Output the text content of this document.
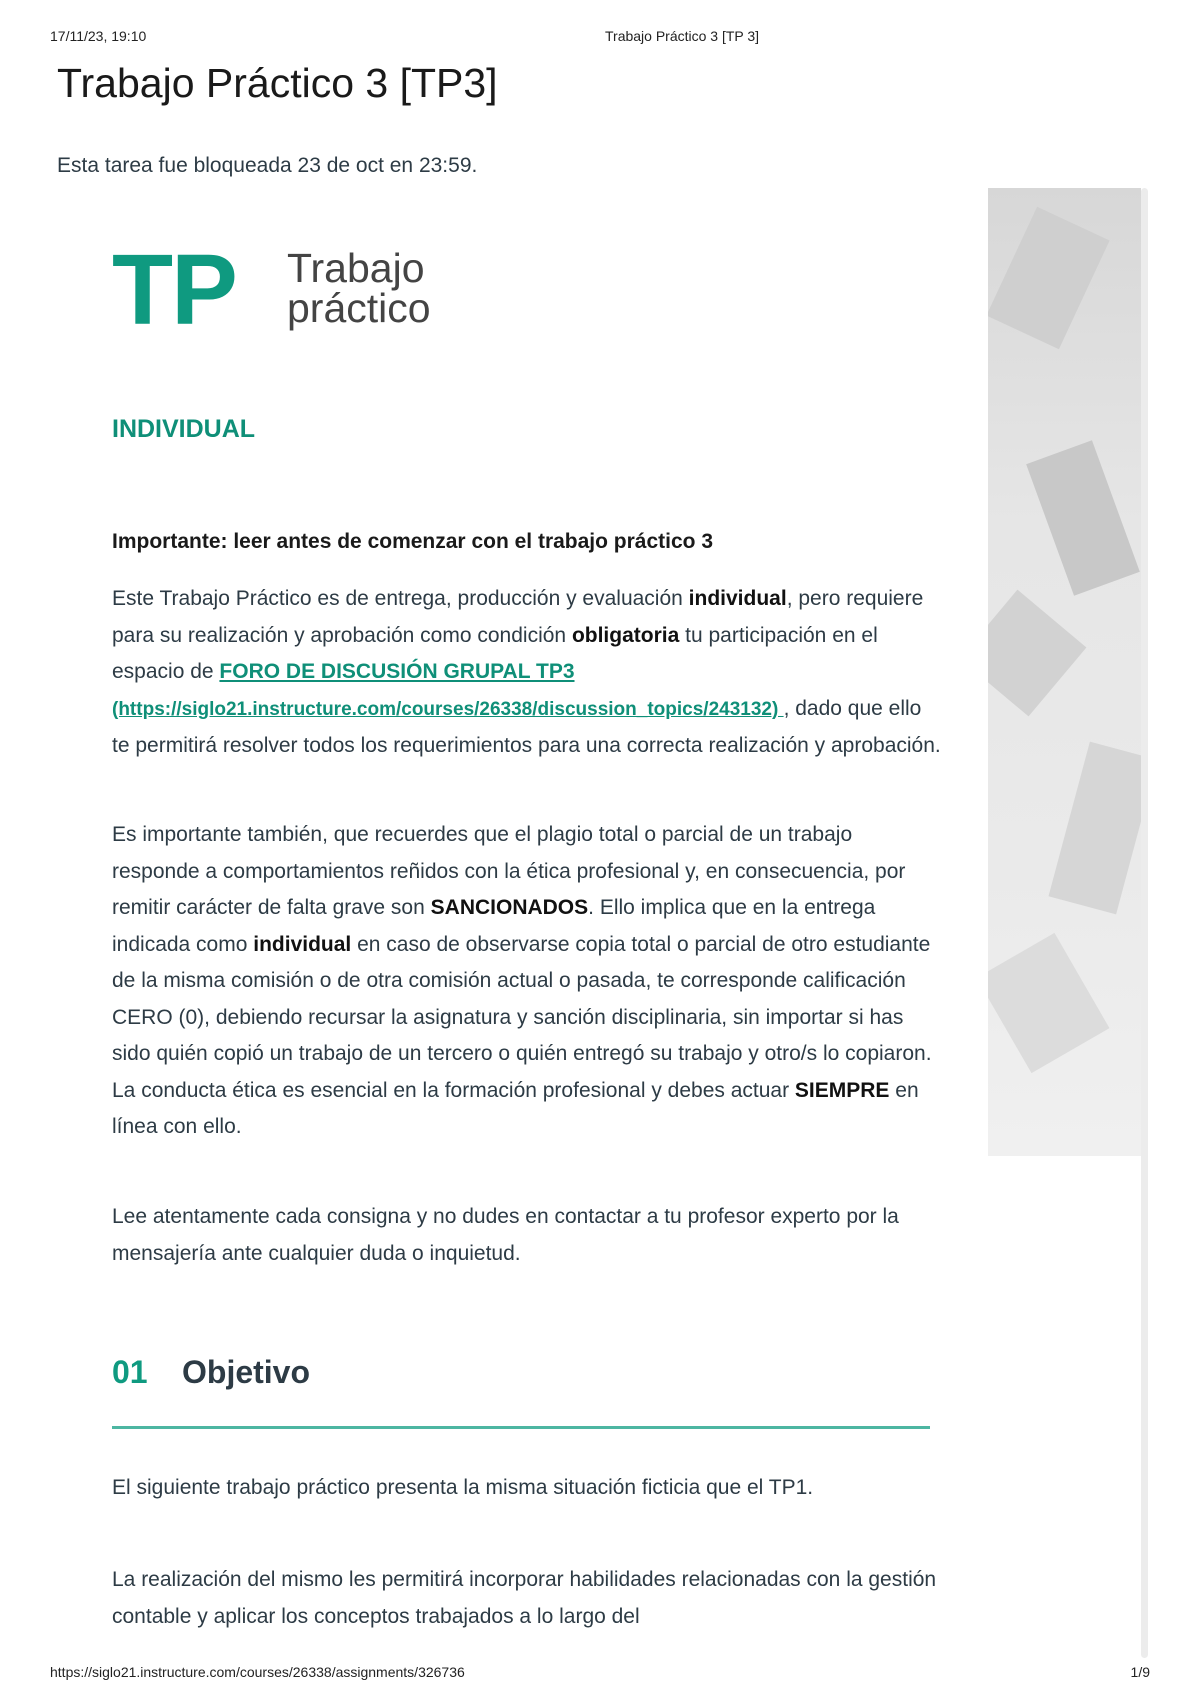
17/11/23, 19:10	Trabajo Práctico 3 [TP 3]
Trabajo Práctico 3 [TP3]

Esta tarea fue bloqueada 23 de oct en 23:59.

TP Trabajo
práctico

INDIVIDUAL

Importante: leer antes de comenzar con el trabajo práctico 3

Este Trabajo Práctico es de entrega, producción y evaluación individual, pero requiere para su realización y aprobación como condición obligatoria tu participación en el espacio de FORO DE DISCUSIÓN GRUPAL TP3 (https://siglo21.instructure.com/courses/26338/discussion_topics/243132) , dado que ello te permitirá resolver todos los requerimientos para una correcta realización y aprobación.

Es importante también, que recuerdes que el plagio total o parcial de un trabajo responde a comportamientos reñidos con la ética profesional y, en consecuencia, por remitir carácter de falta grave son SANCIONADOS. Ello implica que en la entrega indicada como individual en caso de observarse copia total o parcial de otro estudiante de la misma comisión o de otra comisión actual o pasada, te corresponde calificación CERO (0), debiendo recursar la asignatura y sanción disciplinaria, sin importar si has sido quién copió un trabajo de un tercero o quién entregó su trabajo y otro/s lo copiaron. La conducta ética es esencial en la formación profesional y debes actuar SIEMPRE en línea con ello.

Lee atentamente cada consigna y no dudes en contactar a tu profesor experto por la mensajería ante cualquier duda o inquietud.

01 Objetivo

El siguiente trabajo práctico presenta la misma situación ficticia que el TP1.

La realización del mismo les permitirá incorporar habilidades relacionadas con la gestión contable y aplicar los conceptos trabajados a lo largo del

https://siglo21.instructure.com/courses/26338/assignments/326736	1/9
